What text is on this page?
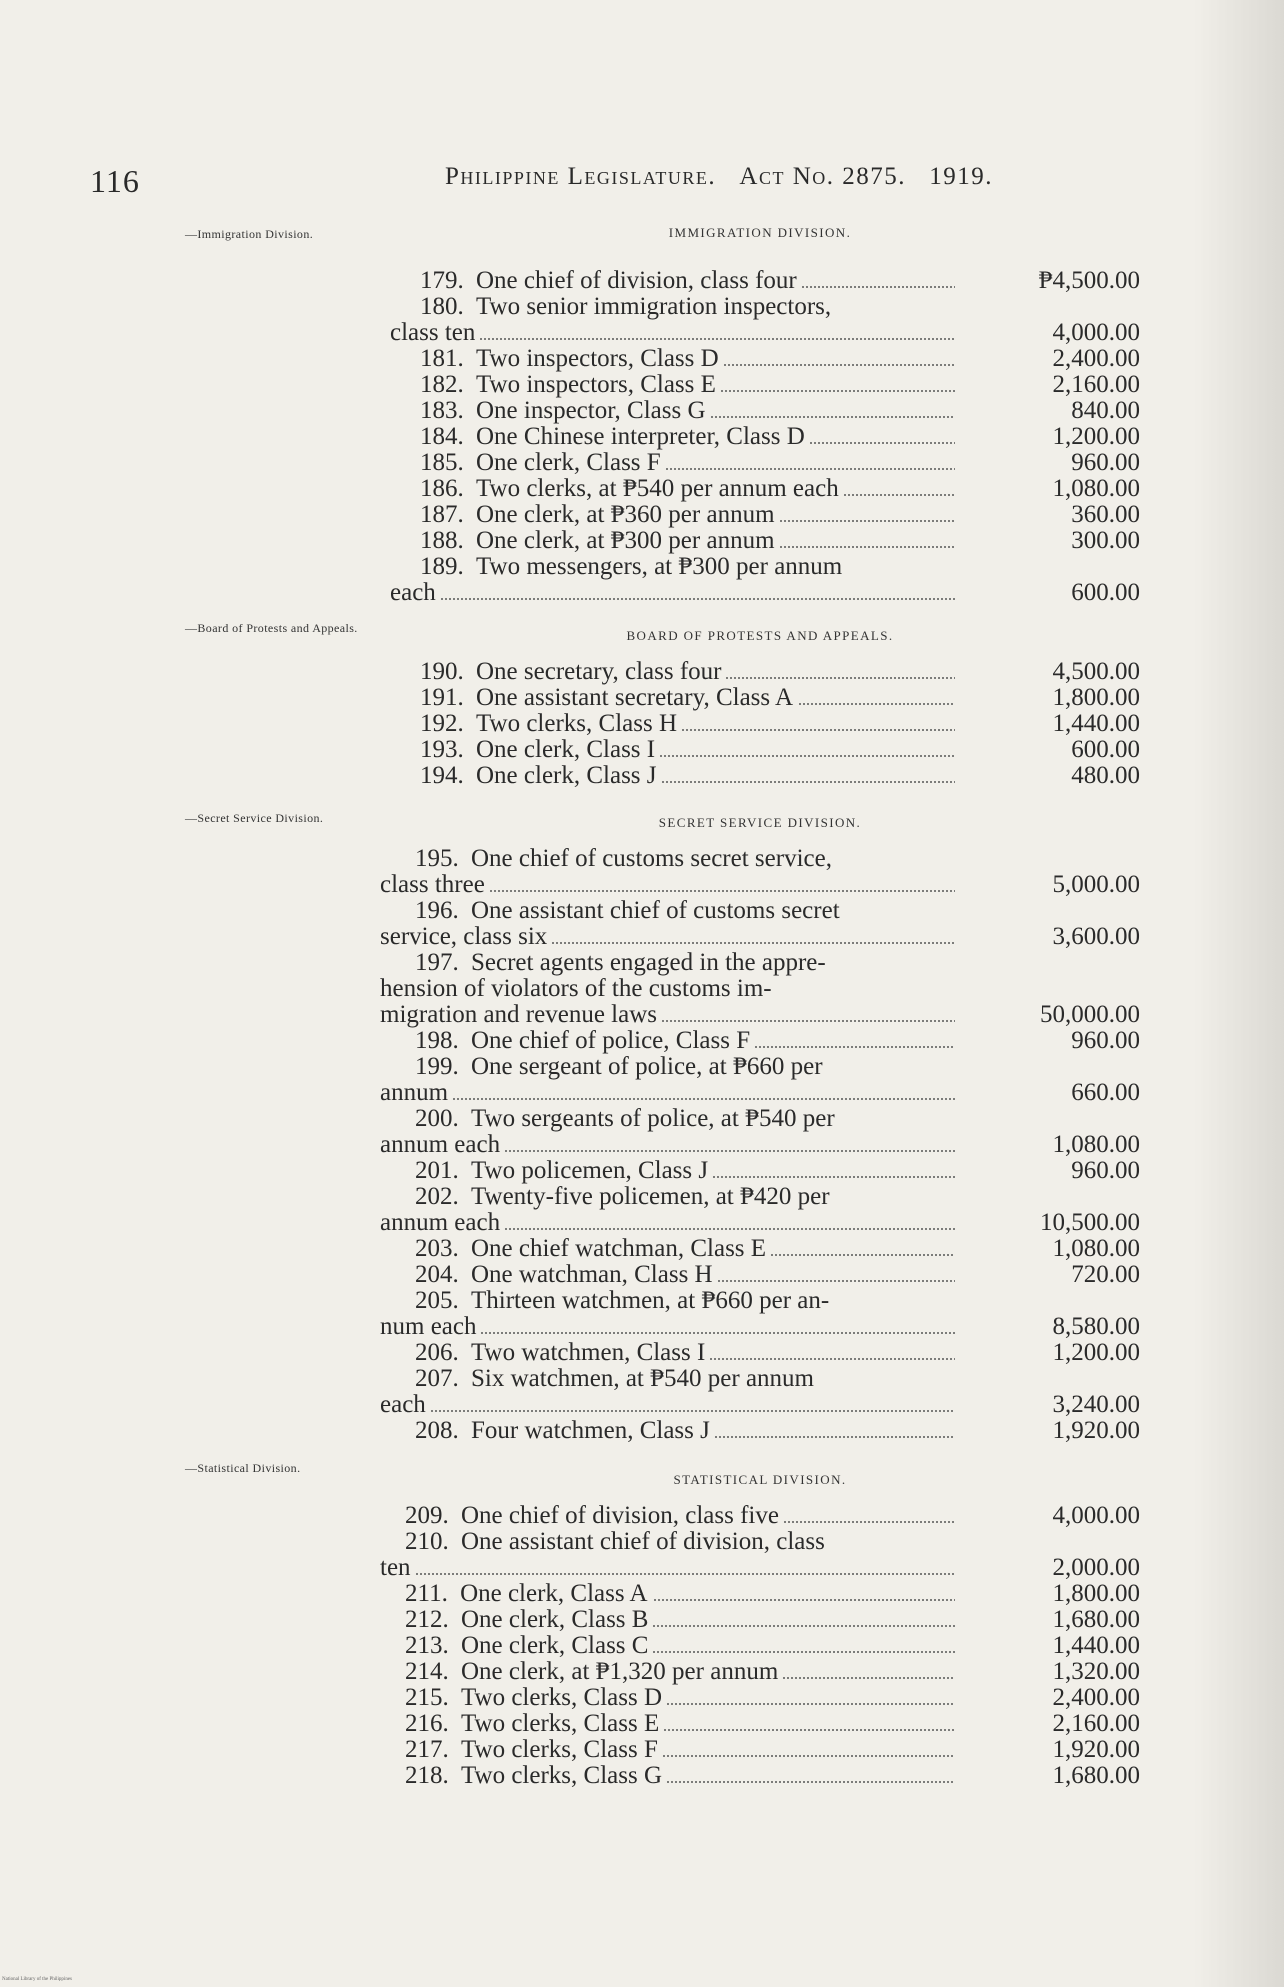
116	Philippine Legislature. Act No. 2875. 1919.
—Immigration Division.
—Board of Protests and Appeals.
—Secret Service Division.
—Statistical Division.
IMMIGRATION DIVISION.
BOARD OF PROTESTS AND APPEALS.
SECRET SERVICE DIVISION.
STATISTICAL DIVISION.
179. One chief of division, class four	₱4,500.00
180. Two senior immigration inspectors,
class ten	4,000.00
181. Two inspectors, Class D	2,400.00
182. Two inspectors, Class E	2,160.00
183. One inspector, Class G	840.00
184. One Chinese interpreter, Class D	1,200.00
185. One clerk, Class F	960.00
186. Two clerks, at ₱540 per annum each	1,080.00
187. One clerk, at ₱360 per annum	360.00
188. One clerk, at ₱300 per annum	300.00
189. Two messengers, at ₱300 per annum
each	600.00
190. One secretary, class four	4,500.00
191. One assistant secretary, Class A	1,800.00
192. Two clerks, Class H	1,440.00
193. One clerk, Class I	600.00
194. One clerk, Class J	480.00
195. One chief of customs secret service,
class three	5,000.00
196. One assistant chief of customs secret
service, class six	3,600.00
197. Secret agents engaged in the appre-
hension of violators of the customs im-
migration and revenue laws	50,000.00
198. One chief of police, Class F	960.00
199. One sergeant of police, at ₱660 per
annum	660.00
200. Two sergeants of police, at ₱540 per
annum each	1,080.00
201. Two policemen, Class J	960.00
202. Twenty-five policemen, at ₱420 per
annum each	10,500.00
203. One chief watchman, Class E	1,080.00
204. One watchman, Class H	720.00
205. Thirteen watchmen, at ₱660 per an-
num each	8,580.00
206. Two watchmen, Class I	1,200.00
207. Six watchmen, at ₱540 per annum
each	3,240.00
208. Four watchmen, Class J	1,920.00
209. One chief of division, class five	4,000.00
210. One assistant chief of division, class
ten	2,000.00
211. One clerk, Class A	1,800.00
212. One clerk, Class B	1,680.00
213. One clerk, Class C	1,440.00
214. One clerk, at ₱1,320 per annum	1,320.00
215. Two clerks, Class D	2,400.00
216. Two clerks, Class E	2,160.00
217. Two clerks, Class F	1,920.00
218. Two clerks, Class G	1,680.00
National Library of the Philippines
